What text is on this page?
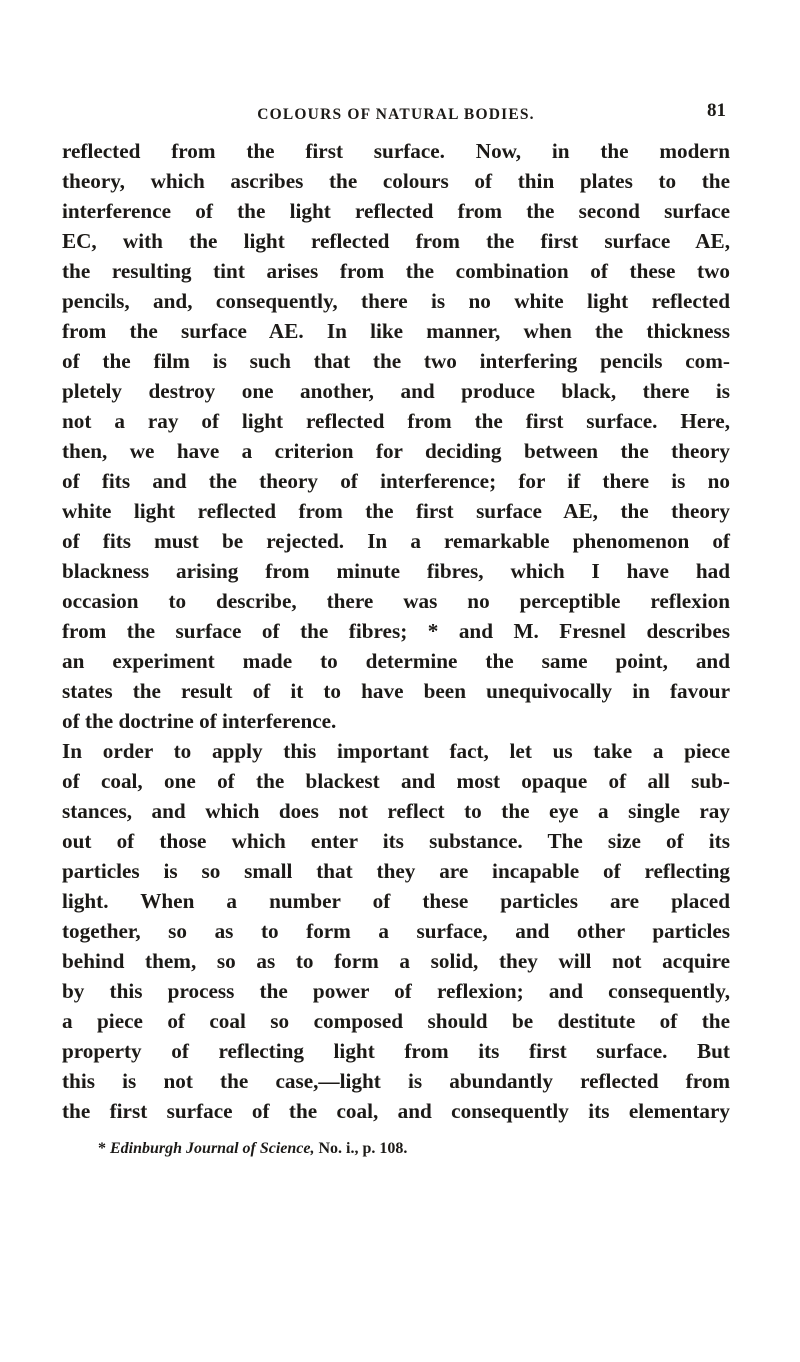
COLOURS OF NATURAL BODIES.	81
reflected from the first surface. Now, in the modern
theory, which ascribes the colours of thin plates to the
interference of the light reflected from the second surface
EC, with the light reflected from the first surface AE,
the resulting tint arises from the combination of these two
pencils, and, consequently, there is no white light reflected
from the surface AE. In like manner, when the thickness
of the film is such that the two interfering pencils com-
pletely destroy one another, and produce black, there is
not a ray of light reflected from the first surface. Here,
then, we have a criterion for deciding between the theory
of fits and the theory of interference; for if there is no
white light reflected from the first surface AE, the theory
of fits must be rejected. In a remarkable phenomenon of
blackness arising from minute fibres, which I have had
occasion to describe, there was no perceptible reflexion
from the surface of the fibres; * and M. Fresnel describes
an experiment made to determine the same point, and
states the result of it to have been unequivocally in favour
of the doctrine of interference.
In order to apply this important fact, let us take a piece
of coal, one of the blackest and most opaque of all sub-
stances, and which does not reflect to the eye a single ray
out of those which enter its substance. The size of its
particles is so small that they are incapable of reflecting
light. When a number of these particles are placed
together, so as to form a surface, and other particles
behind them, so as to form a solid, they will not acquire
by this process the power of reflexion; and consequently,
a piece of coal so composed should be destitute of the
property of reflecting light from its first surface. But
this is not the case,—light is abundantly reflected from
the first surface of the coal, and consequently its elementary
* Edinburgh Journal of Science, No. i., p. 108.
